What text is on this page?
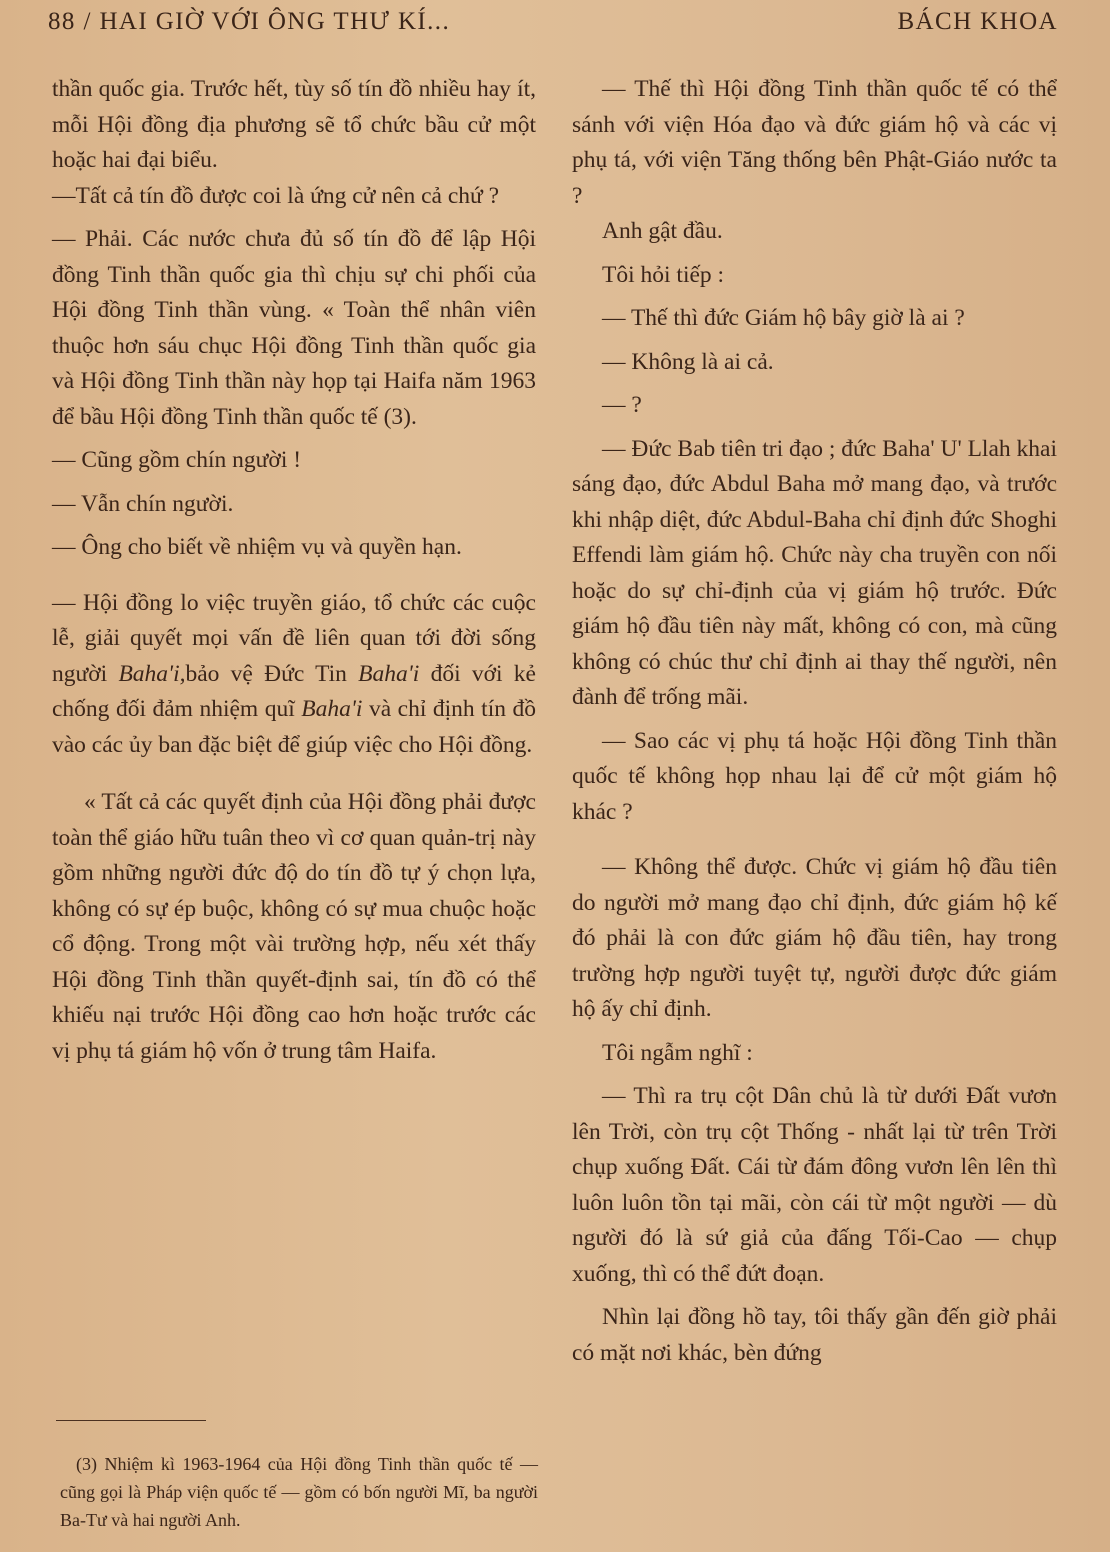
88 / HAI GIỜ VỚI ÔNG THƯ KÍ...	BÁCH KHOA

thần quốc gia. Trước hết, tùy số tín đồ nhiều hay ít, mỗi Hội đồng địa phương sẽ tổ chức bầu cử một hoặc hai đại biểu.

—Tất cả tín đồ được coi là ứng cử nên cả chứ ?

— Phải. Các nước chưa đủ số tín đồ để lập Hội đồng Tinh thần quốc gia thì chịu sự chi phối của Hội đồng Tinh thần vùng. « Toàn thể nhân viên thuộc hơn sáu chục Hội đồng Tinh thần quốc gia và Hội đồng Tinh thần này họp tại Haifa năm 1963 để bầu Hội đồng Tinh thần quốc tế (3).

— Cũng gồm chín người !

— Vẫn chín người.

— Ông cho biết về nhiệm vụ và quyền hạn.

— Hội đồng lo việc truyền giáo, tổ chức các cuộc lễ, giải quyết mọi vấn đề liên quan tới đời sống người Baha'i,bảo vệ Đức Tin Baha'i đối với kẻ chống đối đảm nhiệm quĩ Baha'i và chỉ định tín đồ vào các ủy ban đặc biệt để giúp việc cho Hội đồng.

« Tất cả các quyết định của Hội đồng phải được toàn thể giáo hữu tuân theo vì cơ quan quản-trị này gồm những người đức độ do tín đồ tự ý chọn lựa, không có sự ép buộc, không có sự mua chuộc hoặc cổ động. Trong một vài trường hợp, nếu xét thấy Hội đồng Tinh thần quyết-định sai, tín đồ có thể khiếu nại trước Hội đồng cao hơn hoặc trước các vị phụ tá giám hộ vốn ở trung tâm Haifa.

— Thế thì Hội đồng Tinh thần quốc tế có thể sánh với viện Hóa đạo và đức giám hộ và các vị phụ tá, với viện Tăng thống bên Phật-Giáo nước ta ?

Anh gật đầu.

Tôi hỏi tiếp :

— Thế thì đức Giám hộ bây giờ là ai ?

— Không là ai cả.

— ?

— Đức Bab tiên tri đạo ; đức Baha' U' Llah khai sáng đạo, đức Abdul Baha mở mang đạo, và trước khi nhập diệt, đức Abdul-Baha chỉ định đức Shoghi Effendi làm giám hộ. Chức này cha truyền con nối hoặc do sự chỉ-định của vị giám hộ trước. Đức giám hộ đầu tiên này mất, không có con, mà cũng không có chúc thư chỉ định ai thay thế người, nên đành để trống mãi.

— Sao các vị phụ tá hoặc Hội đồng Tinh thần quốc tế không họp nhau lại để cử một giám hộ khác ?

— Không thể được. Chức vị giám hộ đầu tiên do người mở mang đạo chỉ định, đức giám hộ kế đó phải là con đức giám hộ đầu tiên, hay trong trường hợp người tuyệt tự, người được đức giám hộ ấy chỉ định.

Tôi ngẫm nghĩ :

— Thì ra trụ cột Dân chủ là từ dưới Đất vươn lên Trời, còn trụ cột Thống - nhất lại từ trên Trời chụp xuống Đất. Cái từ đám đông vươn lên lên thì luôn luôn tồn tại mãi, còn cái từ một người — dù người đó là sứ giả của đấng Tối-Cao — chụp xuống, thì có thể đứt đoạn.

Nhìn lại đồng hồ tay, tôi thấy gần đến giờ phải có mặt nơi khác, bèn đứng

(3) Nhiệm kì 1963-1964 của Hội đồng Tinh thần quốc tế — cũng gọi là Pháp viện quốc tế — gồm có bốn người Mĩ, ba người Ba-Tư và hai người Anh.
